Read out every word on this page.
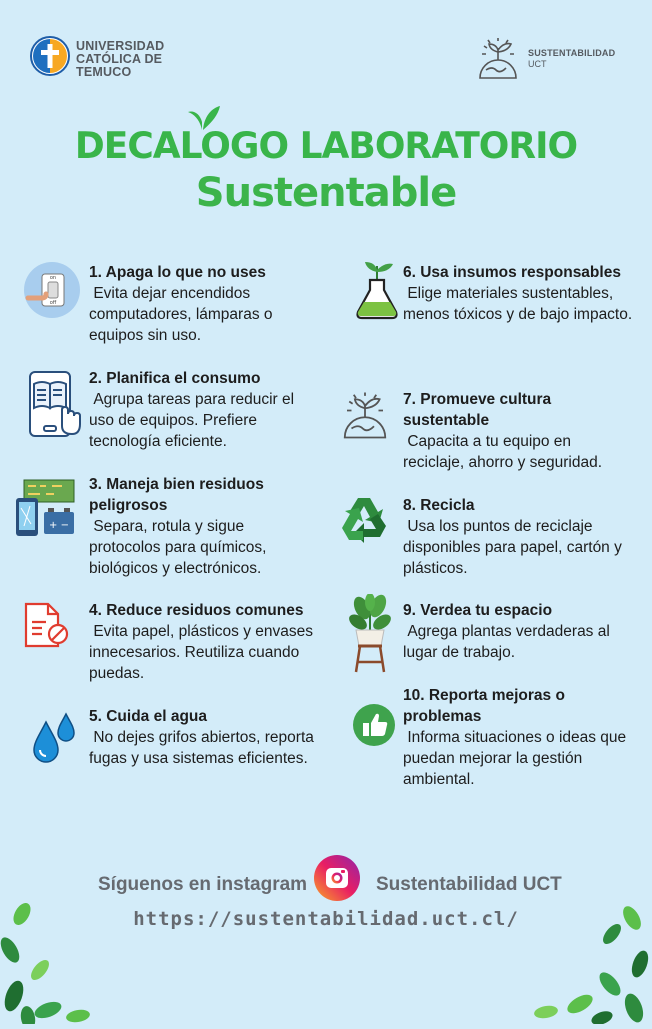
UNIVERSIDAD
CATÓLICA DE
TEMUCO
SUSTENTABILIDAD
UCT
DECALOGO LABORATORIO
Sustentable
on
off
1. Apaga lo que no uses
Evita dejar encendidos computadores, lámparas o equipos sin uso.
2. Planifica el consumo
Agrupa tareas para reducir el uso de equipos. Prefiere tecnología eficiente.
+ −
3. Maneja bien residuos peligrosos
Separa, rotula y sigue protocolos para químicos, biológicos y electrónicos.
4. Reduce residuos comunes
Evita papel, plásticos y envases innecesarios. Reutiliza cuando puedas.
5. Cuida el agua
No dejes grifos abiertos, reporta fugas y usa sistemas eficientes.
6. Usa insumos responsables
Elige materiales sustentables, menos tóxicos y de bajo impacto.
7. Promueve cultura sustentable
Capacita a tu equipo en reciclaje, ahorro y seguridad.
8. Recicla
Usa los puntos de reciclaje disponibles para papel, cartón y plásticos.
9. Verdea tu espacio
Agrega plantas verdaderas al lugar de trabajo.
10. Reporta mejoras o problemas
Informa situaciones o ideas que puedan mejorar la gestión ambiental.
Síguenos en instagram	Sustentabilidad UCT
https://sustentabilidad.uct.cl/
